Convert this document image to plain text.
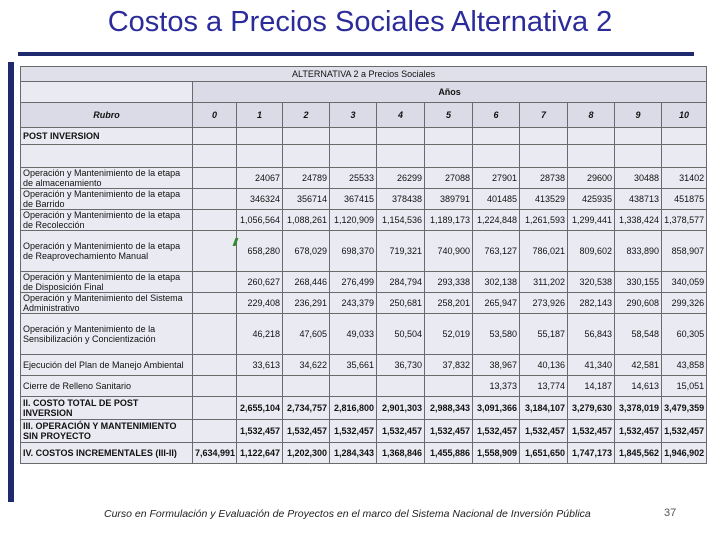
Costos a Precios Sociales Alternativa 2
ALTERNATIVA 2 a Precios Sociales											
	Años										
Rubro	0	1	2	3	4	5	6	7	8	9	10
POST INVERSION											

Operación y Mantenimiento de la etapa de almacenamiento		24067	24789	25533	26299	27088	27901	28738	29600	30488	31402
Operación y Mantenimiento de la etapa de Barrido		346324	356714	367415	378438	389791	401485	413529	425935	438713	451875
Operación y Mantenimiento de la etapa de Recolección		1,056,564	1,088,261	1,120,909	1,154,536	1,189,173	1,224,848	1,261,593	1,299,441	1,338,424	1,378,577
Operación y Mantenimiento de la etapa de Reaprovechamiento Manual		658,280	678,029	698,370	719,321	740,900	763,127	786,021	809,602	833,890	858,907
Operación y Mantenimiento de la etapa de Disposición Final		260,627	268,446	276,499	284,794	293,338	302,138	311,202	320,538	330,155	340,059
Operación y Mantenimiento del Sistema Administrativo		229,408	236,291	243,379	250,681	258,201	265,947	273,926	282,143	290,608	299,326
Operación y Mantenimiento de la Sensibilización y Concientización		46,218	47,605	49,033	50,504	52,019	53,580	55,187	56,843	58,548	60,305
Ejecución del Plan de Manejo Ambiental		33,613	34,622	35,661	36,730	37,832	38,967	40,136	41,340	42,581	43,858
Cierre de Relleno Sanitario							13,373	13,774	14,187	14,613	15,051
II. COSTO TOTAL DE POST INVERSION		2,655,104	2,734,757	2,816,800	2,901,303	2,988,343	3,091,366	3,184,107	3,279,630	3,378,019	3,479,359
III. OPERACIÓN Y MANTENIMIENTO SIN PROYECTO		1,532,457	1,532,457	1,532,457	1,532,457	1,532,457	1,532,457	1,532,457	1,532,457	1,532,457	1,532,457
IV. COSTOS INCREMENTALES (III-II)	7,634,991	1,122,647	1,202,300	1,284,343	1,368,846	1,455,886	1,558,909	1,651,650	1,747,173	1,845,562	1,946,902
Curso en Formulación y Evaluación de Proyectos en el marco del Sistema Nacional de Inversión Pública	37
